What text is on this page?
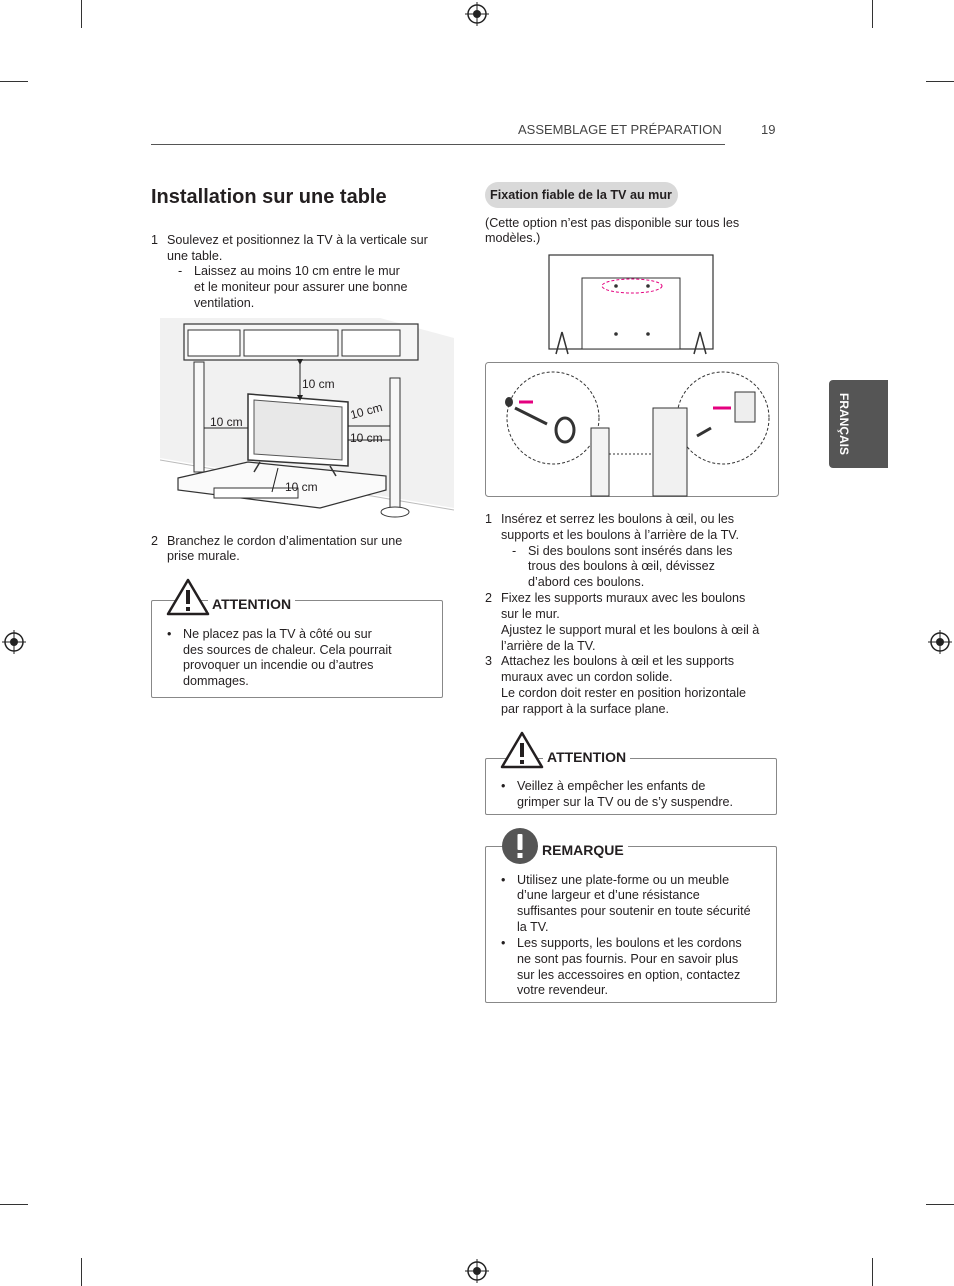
ASSEMBLAGE ET PRÉPARATION	19
FRANÇAIS
Installation sur une table
1 Soulevez et positionnez la TV à la verticale sur
une table.
- Laissez au moins 10 cm entre le mur
et le moniteur pour assurer une bonne
ventilation.
10 cm
10 cm
10 cm
10 cm
10 cm
2 Branchez le cordon d’alimentation sur une
prise murale.
ATTENTION
• Ne placez pas la TV à côté ou sur
des sources de chaleur. Cela pourrait
provoquer un incendie ou d’autres
dommages.
Fixation fiable de la TV au mur
(Cette option n’est pas disponible sur tous les
modèles.)
1 Insérez et serrez les boulons à œil, ou les
supports et les boulons à l’arrière de la TV.
- Si des boulons sont insérés dans les
trous des boulons à œil, dévissez
d’abord ces boulons.
2 Fixez les supports muraux avec les boulons
sur le mur.
Ajustez le support mural et les boulons à œil à
l’arrière de la TV.
3 Attachez les boulons à œil et les supports
muraux avec un cordon solide.
Le cordon doit rester en position horizontale
par rapport à la surface plane.
ATTENTION
• Veillez à empêcher les enfants de
grimper sur la TV ou de s’y suspendre.
REMARQUE
• Utilisez une plate-forme ou un meuble
d’une largeur et d’une résistance
suffisantes pour soutenir en toute sécurité
la TV.
• Les supports, les boulons et les cordons
ne sont pas fournis. Pour en savoir plus
sur les accessoires en option, contactez
votre revendeur.
